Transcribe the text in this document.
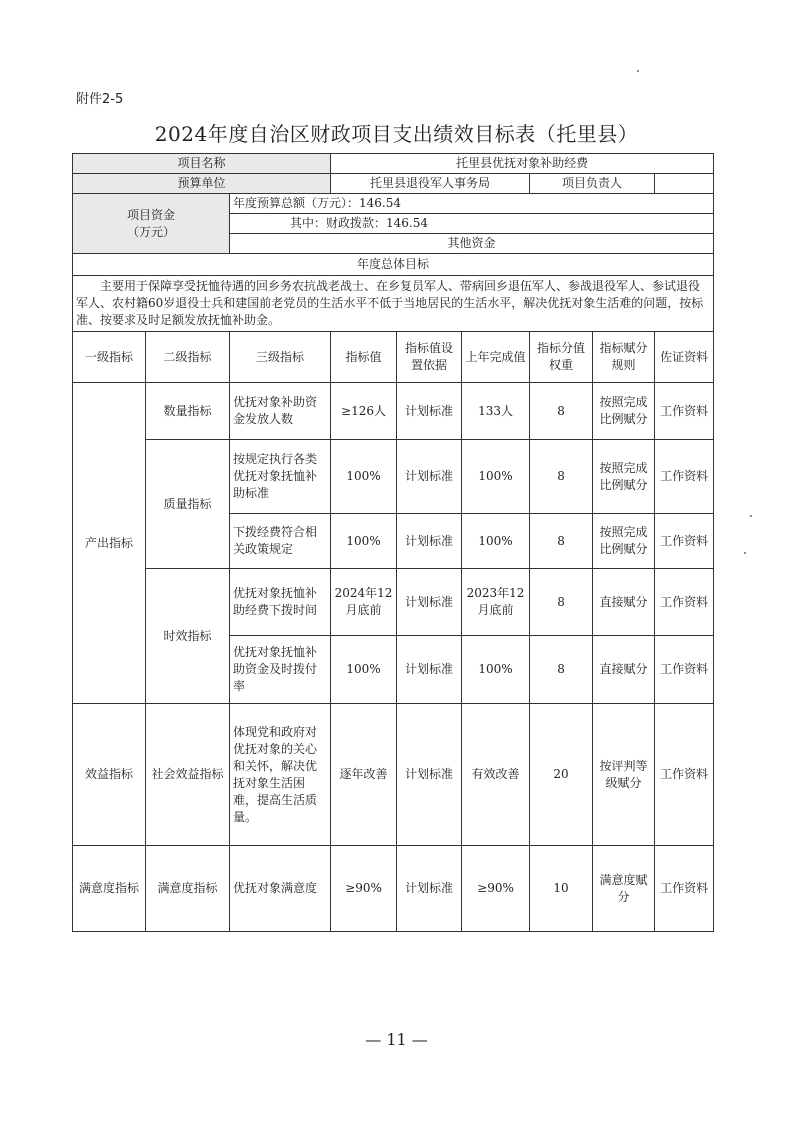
附件2-5
2024年度自治区财政项目支出绩效目标表（托里县）
项目名称			托里县优抚对象补助经费					
预算单位			托里县退役军人事务局			项目负责人		
项目资金
（万元）		年度预算总额（万元）：146.54						
		其中：财政拨款：146.54						
		其他资金						
年度总体目标								
主要用于保障享受抚恤待遇的回乡务农抗战老战士、在乡复员军人、带病回乡退伍军人、参战退役军人、参试退役军人、农村籍60岁退役士兵和建国前老党员的生活水平不低于当地居民的生活水平，解决优抚对象生活难的问题，按标准、按要求及时足额发放抚恤补助金。								
一级指标	二级指标	三级指标	指标值	指标值设置依据	上年完成值	指标分值权重	指标赋分规则	佐证资料
产出指标	数量指标	优抚对象补助资金发放人数	≥126人	计划标准	133人	8	按照完成比例赋分	工作资料
	质量指标	按规定执行各类优抚对象抚恤补助标准	100%	计划标准	100%	8	按照完成比例赋分	工作资料
		下拨经费符合相关政策规定	100%	计划标准	100%	8	按照完成比例赋分	工作资料
	时效指标	优抚对象抚恤补助经费下拨时间	2024年12月底前	计划标准	2023年12月底前	8	直接赋分	工作资料
		优抚对象抚恤补助资金及时拨付率	100%	计划标准	100%	8	直接赋分	工作资料
效益指标	社会效益指标	体现党和政府对优抚对象的关心和关怀，解决优抚对象生活困难，提高生活质量。	逐年改善	计划标准	有效改善	20	按评判等级赋分	工作资料
满意度指标	满意度指标	优抚对象满意度	≥90%	计划标准	≥90%	10	满意度赋分	工作资料
— 11 —
